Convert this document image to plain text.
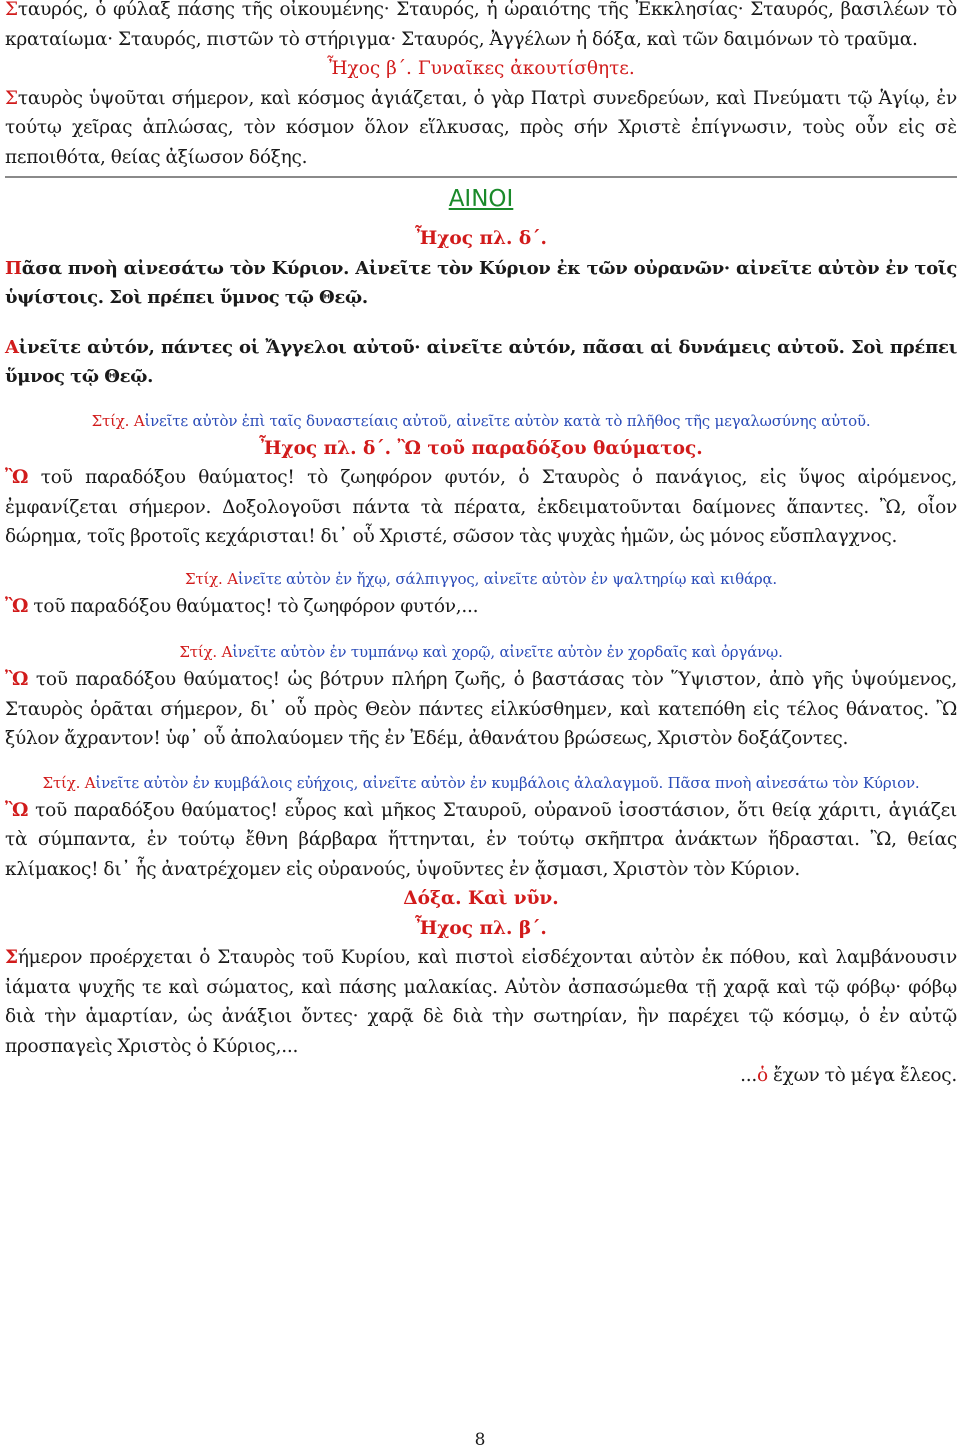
Σταυρός, ὁ φύλαξ πάσης τῆς οἰκουμένης· Σταυρός, ἡ ὡραιότης τῆς Ἐκκλησίας· Σταυρός, βασιλέων τὸ κραταίωμα· Σταυρός, πιστῶν τὸ στήριγμα· Σταυρός, Ἀγγέλων ἡ δόξα, καὶ τῶν δαιμόνων τὸ τραῦμα.

Ἦχος β΄. Γυναῖκες ἀκουτίσθητε.

Σταυρὸς ὑψοῦται σήμερον, καὶ κόσμος ἁγιάζεται, ὁ γὰρ Πατρὶ συνεδρεύων, καὶ Πνεύματι τῷ Ἁγίῳ, ἐν τούτῳ χεῖρας ἁπλώσας, τὸν κόσμον ὅλον εἵλκυσας, πρὸς σήν Χριστὲ ἐπίγνωσιν, τοὺς οὖν εἰς σὲ πεποιθότα, θείας ἀξίωσον δόξης.

ΑΙΝΟΙ

Ἦχος πλ. δ΄.

Πᾶσα πνοὴ αἰνεσάτω τὸν Κύριον. Αἰνεῖτε τὸν Κύριον ἐκ τῶν οὐρανῶν· αἰνεῖτε αὐτὸν ἐν τοῖς ὑψίστοις. Σοὶ πρέπει ὕμνος τῷ Θεῷ.

Αἰνεῖτε αὐτόν, πάντες οἱ Ἄγγελοι αὐτοῦ· αἰνεῖτε αὐτόν, πᾶσαι αἱ δυνάμεις αὐτοῦ. Σοὶ πρέπει ὕμνος τῷ Θεῷ.

Στίχ. Αἰνεῖτε αὐτὸν ἐπὶ ταῖς δυναστείαις αὐτοῦ, αἰνεῖτε αὐτὸν κατὰ τὸ πλῆθος τῆς μεγαλωσύνης αὐτοῦ.

Ἦχος πλ. δ΄. Ὢ τοῦ παραδόξου θαύματος.

Ὢ τοῦ παραδόξου θαύματος! τὸ ζωηφόρον φυτόν, ὁ Σταυρὸς ὁ πανάγιος, εἰς ὕψος αἰρόμενος, ἐμφανίζεται σήμερον. Δοξολογοῦσι πάντα τὰ πέρατα, ἐκδειματοῦνται δαίμονες ἅπαντες. Ὢ, οἷον δώρημα, τοῖς βροτοῖς κεχάρισται! δι᾿ οὗ Χριστέ, σῶσον τὰς ψυχὰς ἡμῶν, ὡς μόνος εὔσπλαγχνος.

Στίχ. Αἰνεῖτε αὐτὸν ἐν ἤχῳ, σάλπιγγος, αἰνεῖτε αὐτὸν ἐν ψαλτηρίῳ καὶ κιθάρᾳ.

Ὢ τοῦ παραδόξου θαύματος! τὸ ζωηφόρον φυτόν,...

Στίχ. Αἰνεῖτε αὐτὸν ἐν τυμπάνῳ καὶ χορῷ, αἰνεῖτε αὐτὸν ἐν χορδαῖς καὶ ὀργάνῳ.

Ὢ τοῦ παραδόξου θαύματος! ὡς βότρυν πλήρη ζωῆς, ὁ βαστάσας τὸν Ὕψιστον, ἀπὸ γῆς ὑψούμενος, Σταυρὸς ὁρᾶται σήμερον, δι᾿ οὗ πρὸς Θεὸν πάντες εἱλκύσθημεν, καὶ κατεπόθη εἰς τέλος θάνατος. Ὢ ξύλον ἄχραντον! ὑφ᾿ οὗ ἀπολαύομεν τῆς ἐν Ἐδέμ, ἀθανάτου βρώσεως, Χριστὸν δοξάζοντες.

Στίχ. Αἰνεῖτε αὐτὸν ἐν κυμβάλοις εὐήχοις, αἰνεῖτε αὐτὸν ἐν κυμβάλοις ἀλαλαγμοῦ. Πᾶσα πνοὴ αἰνεσάτω τὸν Κύριον.

Ὢ τοῦ παραδόξου θαύματος! εὖρος καὶ μῆκος Σταυροῦ, οὐρανοῦ ἰσοστάσιον, ὅτι θείᾳ χάριτι, ἁγιάζει τὰ σύμπαντα, ἐν τούτῳ ἔθνη βάρβαρα ἥττηνται, ἐν τούτῳ σκῆπτρα ἀνάκτων ἥδρασται. Ὢ, θείας κλίμακος! δι᾿ ἧς ἀνατρέχομεν εἰς οὐρανούς, ὑψοῦντες ἐν ᾄσμασι, Χριστὸν τὸν Κύριον.

Δόξα. Καὶ νῦν.

Ἦχος πλ. β΄.

Σήμερον προέρχεται ὁ Σταυρὸς τοῦ Κυρίου, καὶ πιστοὶ εἰσδέχονται αὐτὸν ἐκ πόθου, καὶ λαμβάνουσιν ἰάματα ψυχῆς τε καὶ σώματος, καὶ πάσης μαλακίας. Αὐτὸν ἀσπασώμεθα τῇ χαρᾷ καὶ τῷ φόβῳ· φόβῳ διὰ τὴν ἁμαρτίαν, ὡς ἀνάξιοι ὄντες· χαρᾷ δὲ διὰ τὴν σωτηρίαν, ἣν παρέχει τῷ κόσμῳ, ὁ ἐν αὐτῷ προσπαγεὶς Χριστὸς ὁ Κύριος,...

...ὁ ἔχων τὸ μέγα ἔλεος.

8
